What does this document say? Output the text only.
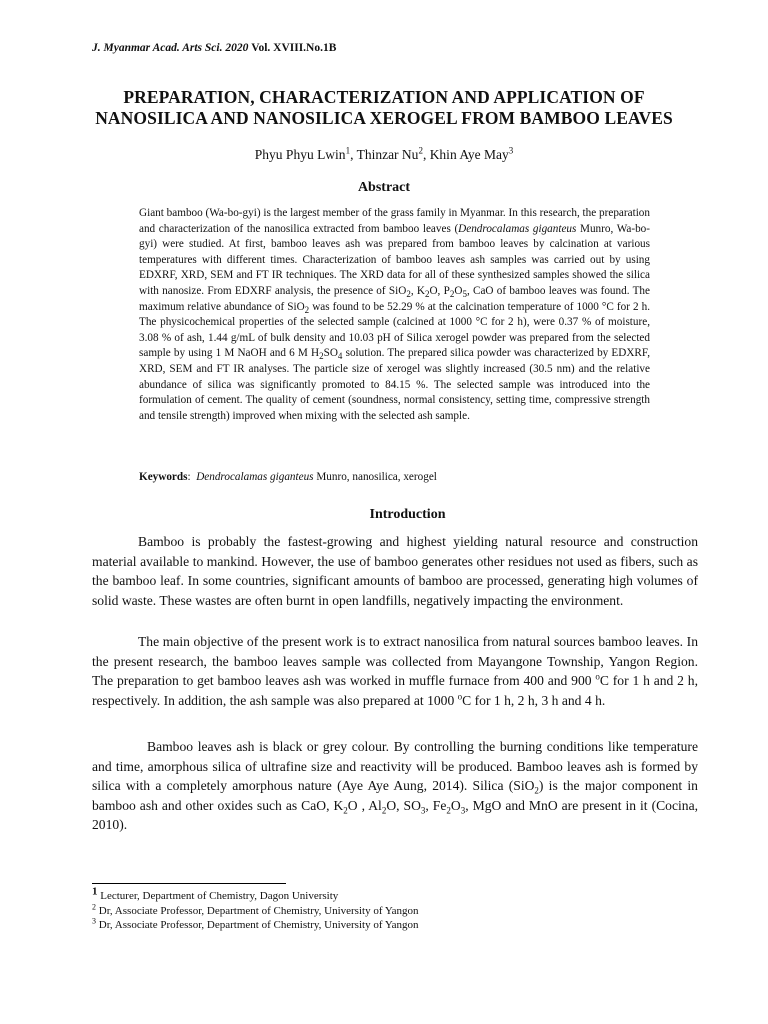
J. Myanmar Acad. Arts Sci. 2020 Vol. XVIII.No.1B
PREPARATION, CHARACTERIZATION AND APPLICATION OF NANOSILICA AND NANOSILICA XEROGEL FROM BAMBOO LEAVES
Phyu Phyu Lwin$^1$, Thinzar Nu$^2$, Khin Aye May$^3$
Abstract

Giant bamboo (Wa-bo-gyi) is the largest member of the grass family in Myanmar. In this research, the preparation and characterization of the nanosilica extracted from bamboo leaves (Dendrocalamas giganteus Munro, Wa-bo-gyi) were studied. At first, bamboo leaves ash was prepared from bamboo leaves by calcination at various temperatures with different times. Characterization of bamboo leaves ash samples was carried out by using EDXRF, XRD, SEM and FT IR techniques. The XRD data for all of these synthesized samples showed the silica with nanosize. From EDXRF analysis, the presence of SiO$_2$, $K_2O$, $P_2O_5$, CaO of bamboo leaves was found. The maximum relative abundance of SiO$_2$ was found to be 52.29 % at the calcination temperature of 1000 °C for 2 h. The physicochemical properties of the selected sample (calcined at 1000 °C for 2 h), were 0.37 % of moisture, 3.08 % of ash, 1.44 g/mL of bulk density and 10.03 pH of Silica xerogel powder was prepared from the selected sample by using 1 M NaOH and 6 M $H_2SO_4$ solution. The prepared silica powder was characterized by EDXRF, XRD, SEM and FT IR analyses. The particle size of xerogel was slightly increased (30.5 nm) and the relative abundance of silica was significantly promoted to 84.15 %. The selected sample was introduced into the formulation of cement. The quality of cement (soundness, normal consistency, setting time, compressive strength and tensile strength) improved when mixing with the selected ash sample.

Keywords:  Dendrocalamas giganteus Munro, nanosilica, xerogel
Introduction

Bamboo is probably the fastest-growing and highest yielding natural resource and construction material available to mankind. However, the use of bamboo generates other residues not used as fibers, such as the bamboo leaf. In some countries, significant amounts of bamboo are processed, generating high volumes of solid waste. These wastes are often burnt in open landfills, negatively impacting the environment.

The main objective of the present work is to extract nanosilica from natural sources bamboo leaves. In the present research, the bamboo leaves sample was collected from Mayangone Township, Yangon Region. The preparation to get bamboo leaves ash was worked in muffle furnace from 400 and 900 $^o$C for 1 h and 2 h, respectively. In addition, the ash sample was also prepared at 1000 $^o$C for 1 h, 2 h, 3 h and 4 h.

Bamboo leaves ash is black or grey colour. By controlling the burning conditions like temperature and time, amorphous silica of ultrafine size and reactivity will be produced. Bamboo leaves ash is formed by silica with a completely amorphous nature (Aye Aye Aung, 2014). Silica (SiO$_2$) is the major component in bamboo ash and other oxides such as CaO, $K_2O$ , $Al_2O$, $SO_3$, $Fe_2O_3$, MgO and MnO are present in it (Cocina, 2010).

$^1$ Lecturer, Department of Chemistry, Dagon University
$^2$ Dr, Associate Professor, Department of Chemistry, University of Yangon
$^3$ Dr, Associate Professor, Department of Chemistry, University of Yangon
